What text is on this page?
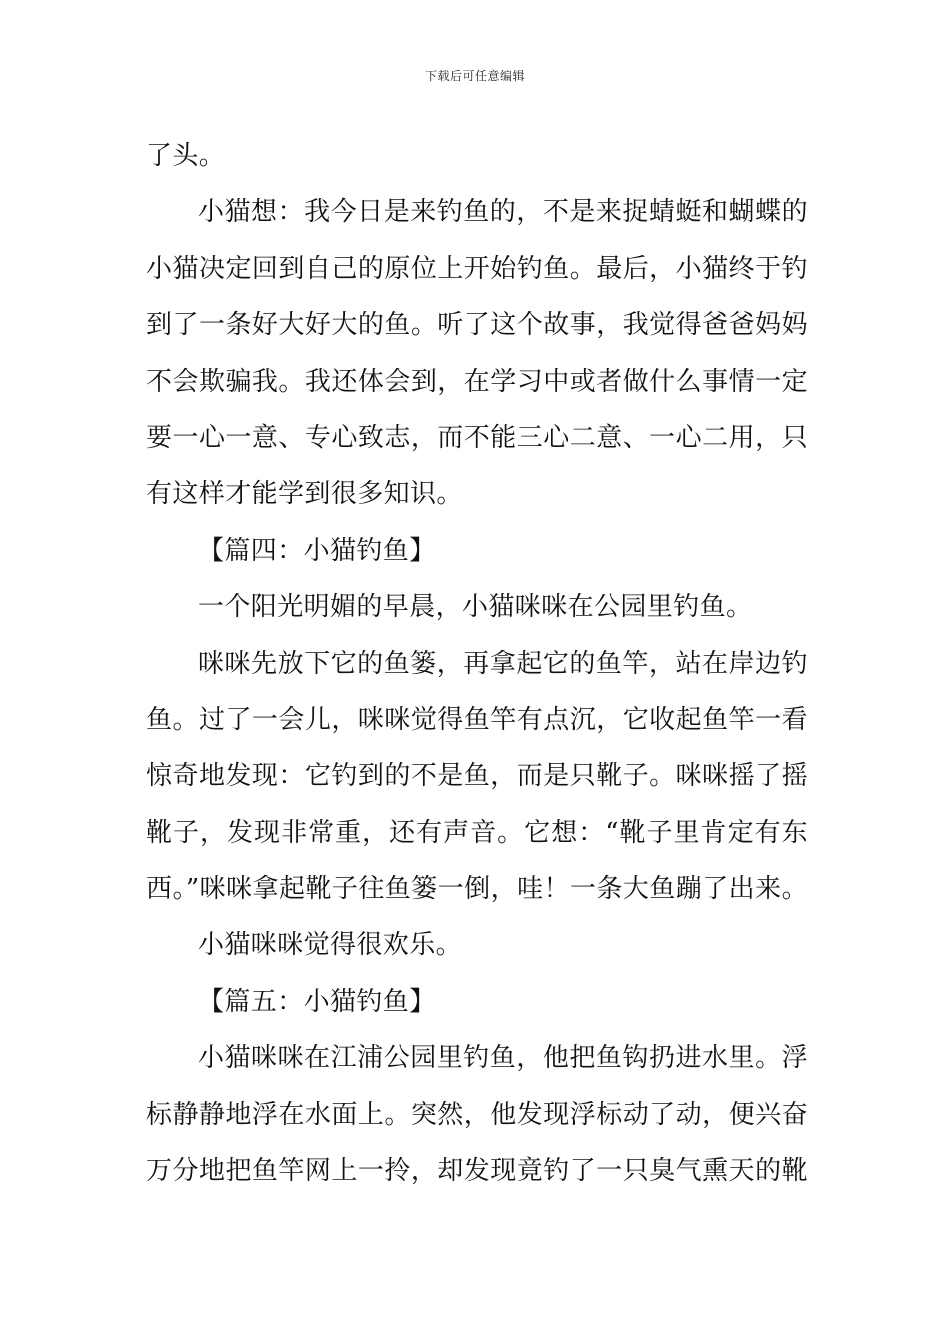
下载后可任意编辑
了头。
小猫想：我今日是来钓鱼的，不是来捉蜻蜓和蝴蝶的
小猫决定回到自己的原位上开始钓鱼。最后，小猫终于钓
到了一条好大好大的鱼。听了这个故事，我觉得爸爸妈妈
不会欺骗我。我还体会到，在学习中或者做什么事情一定
要一心一意、专心致志，而不能三心二意、一心二用，只
有这样才能学到很多知识。
【篇四：小猫钓鱼】
一个阳光明媚的早晨，小猫咪咪在公园里钓鱼。
咪咪先放下它的鱼篓，再拿起它的鱼竿，站在岸边钓
鱼。过了一会儿，咪咪觉得鱼竿有点沉，它收起鱼竿一看
惊奇地发现：它钓到的不是鱼，而是只靴子。咪咪摇了摇
靴子，发现非常重，还有声音。它想：“靴子里肯定有东
西。”咪咪拿起靴子往鱼篓一倒，哇！一条大鱼蹦了出来。
小猫咪咪觉得很欢乐。
【篇五：小猫钓鱼】
小猫咪咪在江浦公园里钓鱼，他把鱼钩扔进水里。浮
标静静地浮在水面上。突然，他发现浮标动了动，便兴奋
万分地把鱼竿网上一拎，却发现竟钓了一只臭气熏天的靴
